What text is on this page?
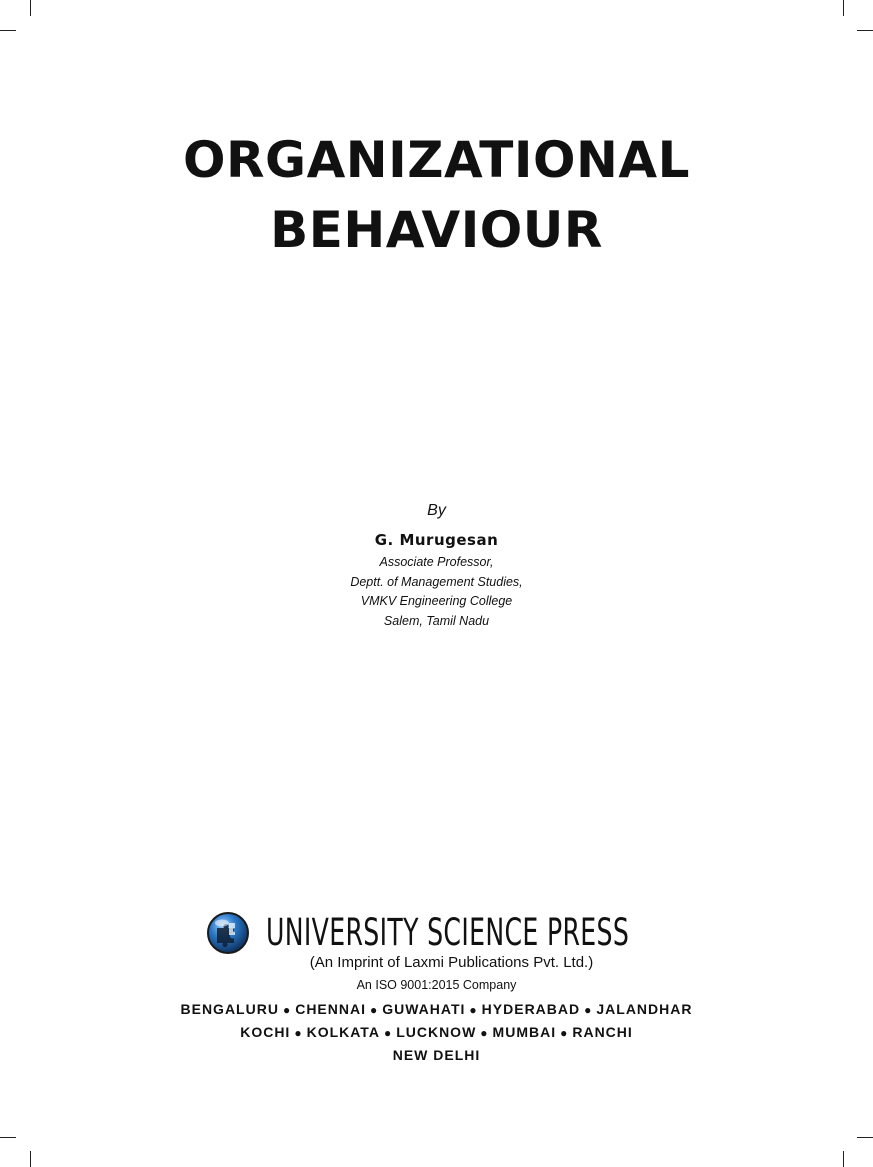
ORGANIZATIONAL
BEHAVIOUR
By
G. Murugesan
Associate Professor,
Deptt. of Management Studies,
VMKV Engineering College
Salem, Tamil Nadu
UNIVERSITY SCIENCE PRESS
(An Imprint of Laxmi Publications Pvt. Ltd.)
An ISO 9001:2015 Company
BENGALURU ● CHENNAI ● GUWAHATI ● HYDERABAD ● JALANDHAR
KOCHI ● KOLKATA ● LUCKNOW ● MUMBAI ● RANCHI
NEW DELHI
